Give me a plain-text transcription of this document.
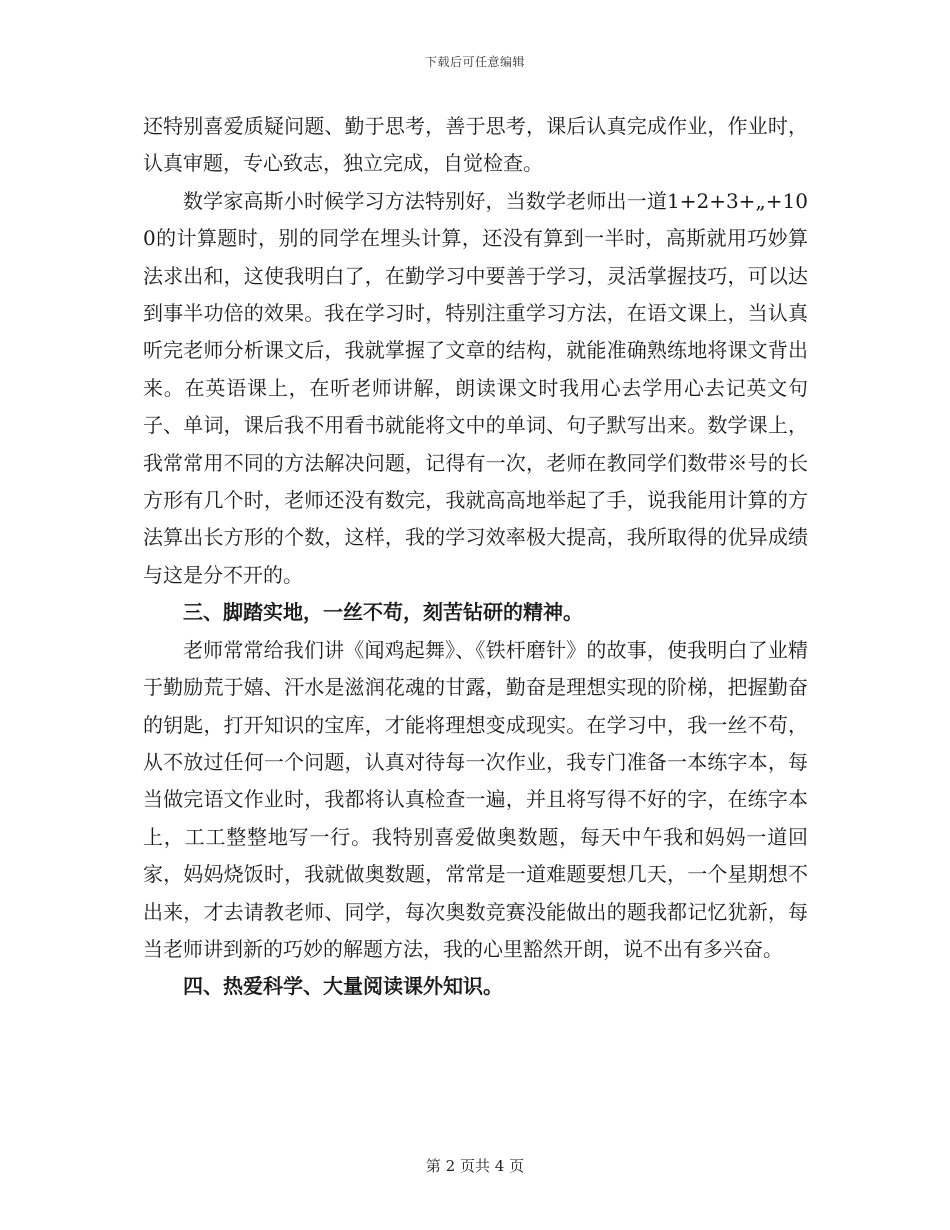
下载后可任意编辑

还特别喜爱质疑问题、勤于思考，善于思考，课后认真完成作业，作业时，认真审题，专心致志，独立完成，自觉检查。

数学家高斯小时候学习方法特别好，当数学老师出一道1+2+3+„+100的计算题时，别的同学在埋头计算，还没有算到一半时，高斯就用巧妙算法求出和，这使我明白了，在勤学习中要善于学习，灵活掌握技巧，可以达到事半功倍的效果。我在学习时，特别注重学习方法，在语文课上，当认真听完老师分析课文后，我就掌握了文章的结构，就能准确熟练地将课文背出来。在英语课上，在听老师讲解，朗读课文时我用心去学用心去记英文句子、单词，课后我不用看书就能将文中的单词、句子默写出来。数学课上，我常常用不同的方法解决问题，记得有一次，老师在教同学们数带※号的长方形有几个时，老师还没有数完，我就高高地举起了手，说我能用计算的方法算出长方形的个数，这样，我的学习效率极大提高，我所取得的优异成绩与这是分不开的。

三、脚踏实地，一丝不苟，刻苦钻研的精神。

老师常常给我们讲《闻鸡起舞》、《铁杆磨针》的故事，使我明白了业精于勤励荒于嬉、汗水是滋润花魂的甘露，勤奋是理想实现的阶梯，把握勤奋的钥匙，打开知识的宝库，才能将理想变成现实。在学习中，我一丝不苟，从不放过任何一个问题，认真对待每一次作业，我专门准备一本练字本，每当做完语文作业时，我都将认真检查一遍，并且将写得不好的字，在练字本上，工工整整地写一行。我特别喜爱做奥数题，每天中午我和妈妈一道回家，妈妈烧饭时，我就做奥数题，常常是一道难题要想几天，一个星期想不出来，才去请教老师、同学，每次奥数竞赛没能做出的题我都记忆犹新，每当老师讲到新的巧妙的解题方法，我的心里豁然开朗，说不出有多兴奋。

四、热爱科学、大量阅读课外知识。

第 2 页共 4 页
